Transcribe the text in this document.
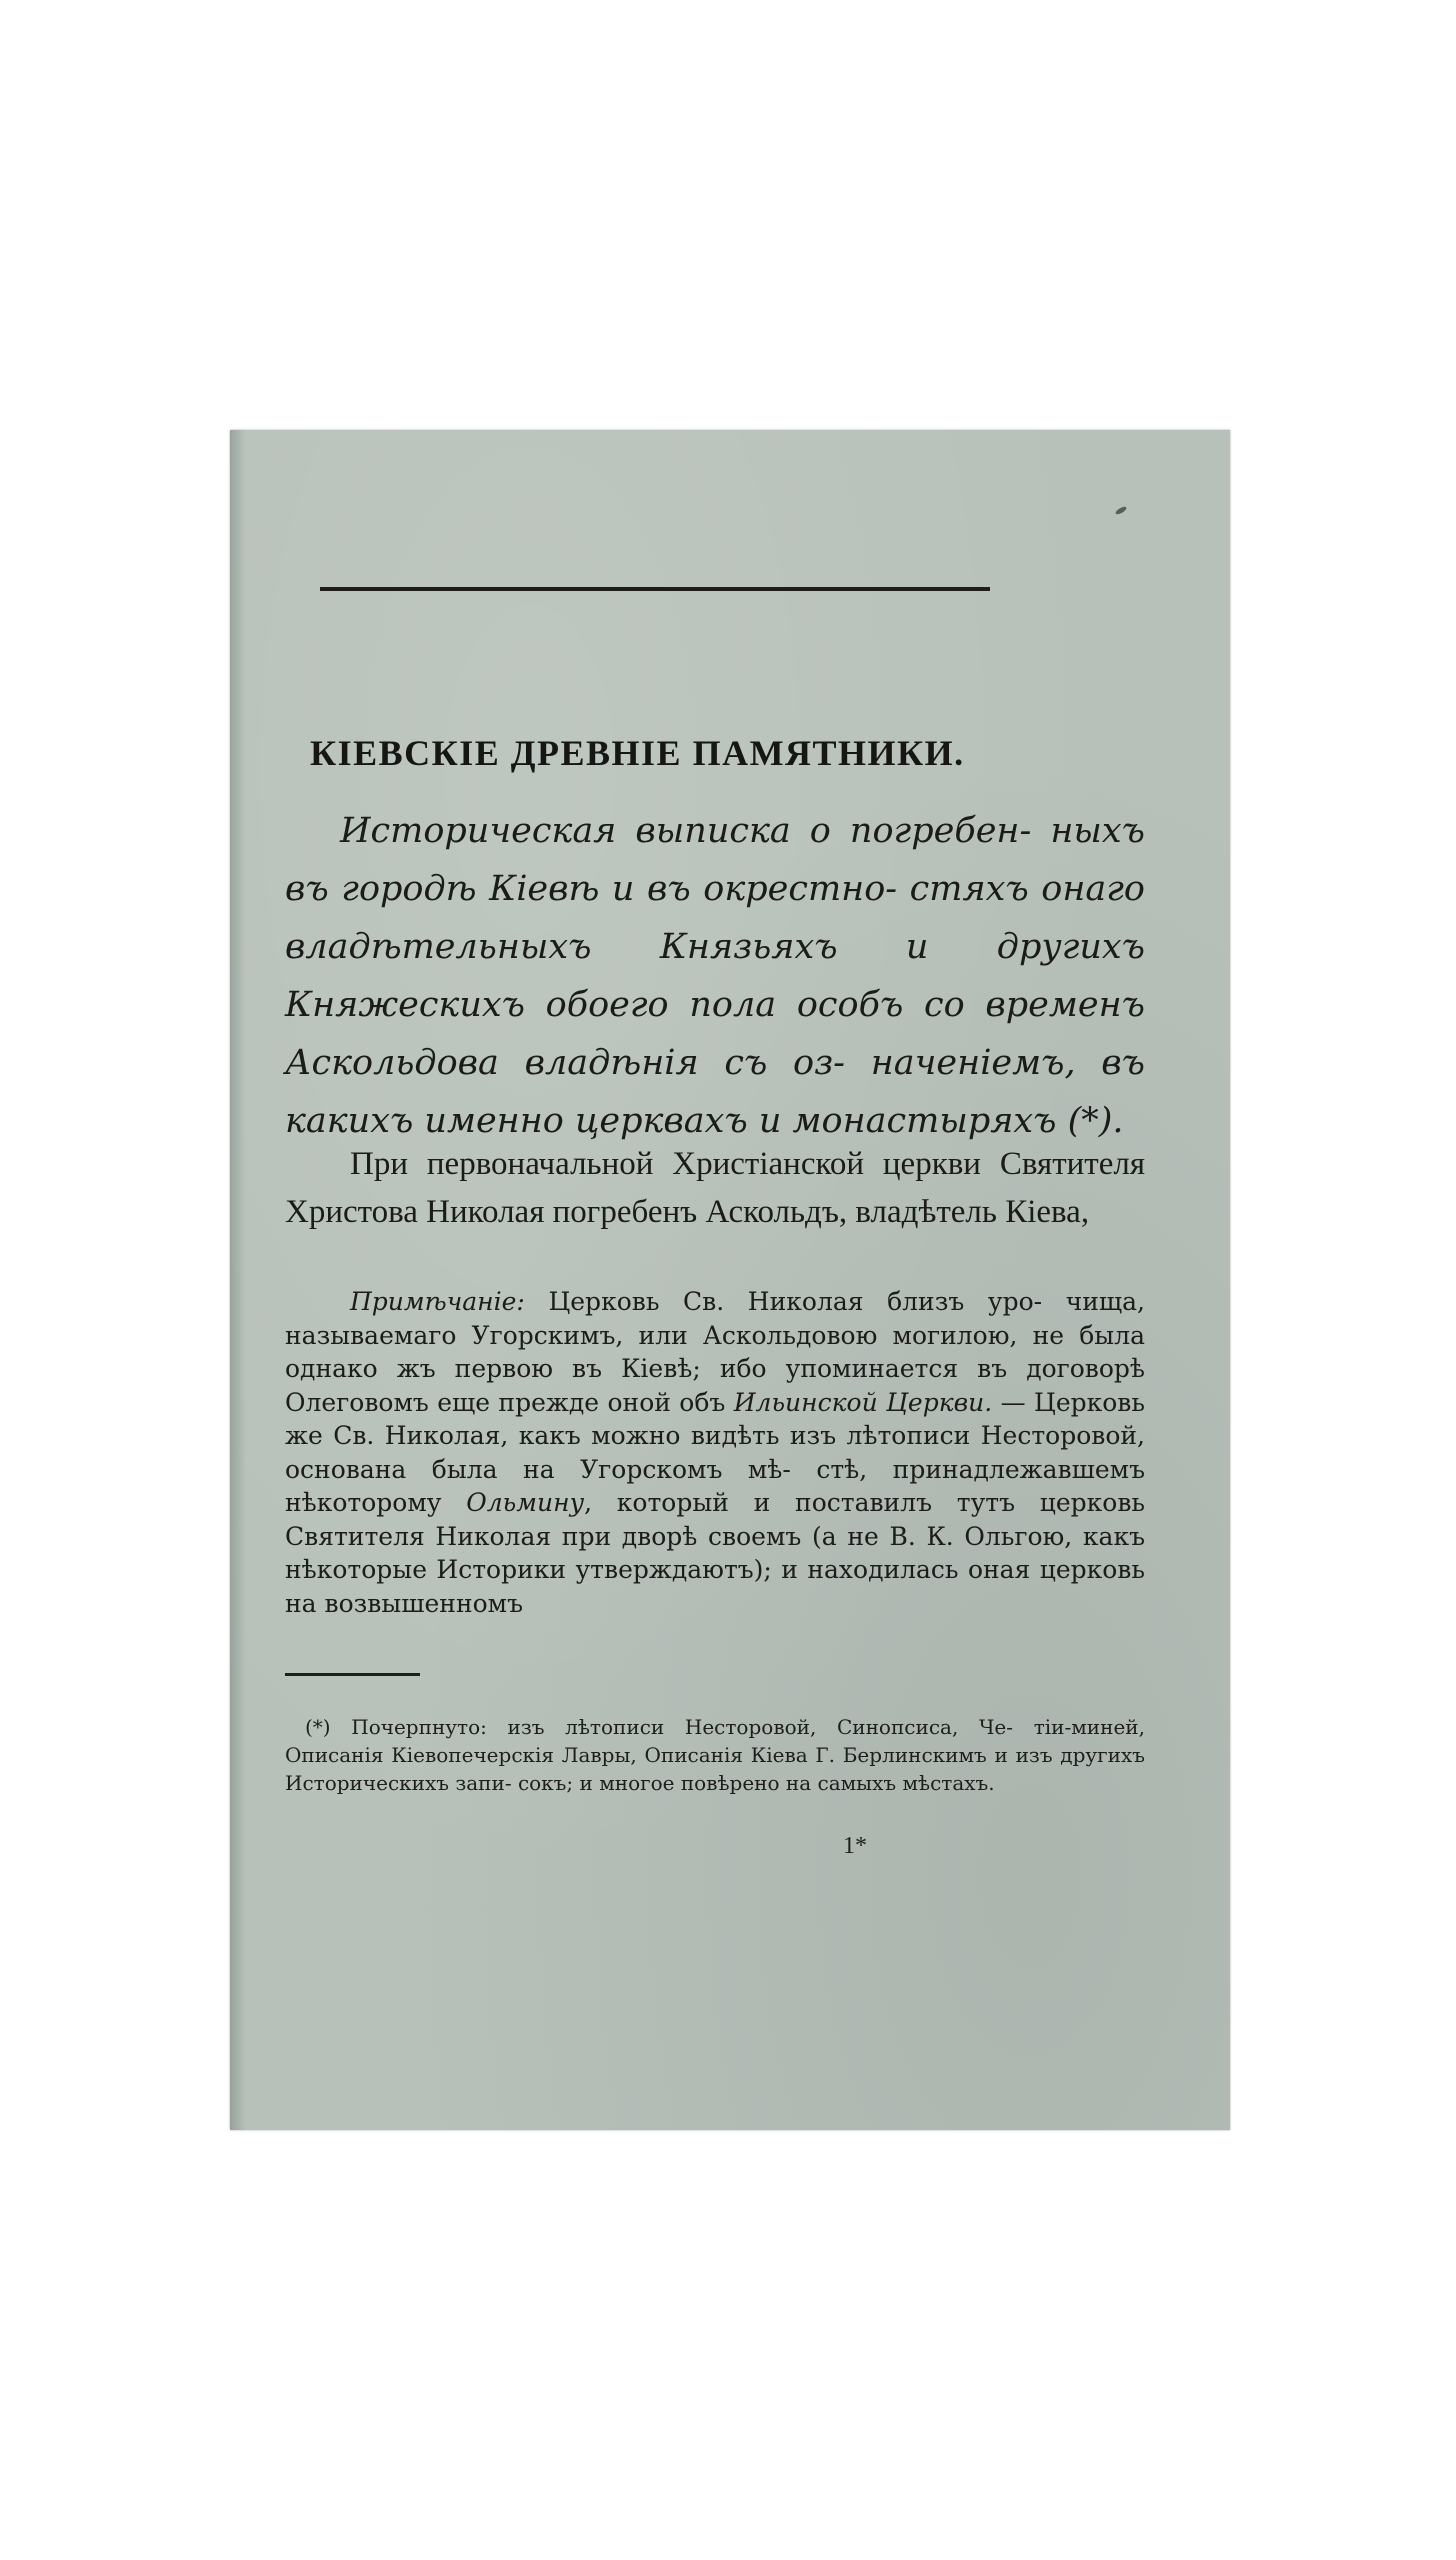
КІЕВСКІЕ ДРЕВНІЕ ПАМЯТНИКИ.

Историческая выписка о погребен- ныхъ въ городѣ Кіевѣ и въ окрестно- стяхъ онаго владѣтельныхъ Князьяхъ и другихъ Княжескихъ обоего пола особъ со временъ Аскольдова владѣнія съ оз- наченіемъ, въ какихъ именно церквахъ и монастыряхъ (*).

При первоначальной Христіанской церкви Святителя Христова Николая погребенъ Аскольдъ, владѣтель Кіева,

Примѣчаніе: Церковь Св. Николая близъ уро- чища, называемаго Угорскимъ, или Аскольдовою могилою, не была однако жъ первою въ Кіевѣ; ибо упоминается въ договорѣ Олеговомъ еще прежде оной объ Ильинской Церкви. — Церковь же Св. Николая, какъ можно видѣть изъ лѣтописи Несторовой, основана была на Угорскомъ мѣ- стѣ, принадлежавшемъ нѣкоторому Ольмину, который и поставилъ тутъ церковь Святителя Николая при дворѣ своемъ (а не В. К. Ольгою, какъ нѣкоторые Историки утверждаютъ); и находилась оная церковь на возвышенномъ

(*) Почерпнуто: изъ лѣтописи Несторовой, Синопсиса, Че- тіи-миней, Описанія Кіевопечерскія Лавры, Описанія Кіева Г. Берлинскимъ и изъ другихъ Историческихъ запи- сокъ; и многое повѣрено на самыхъ мѣстахъ.

1*
